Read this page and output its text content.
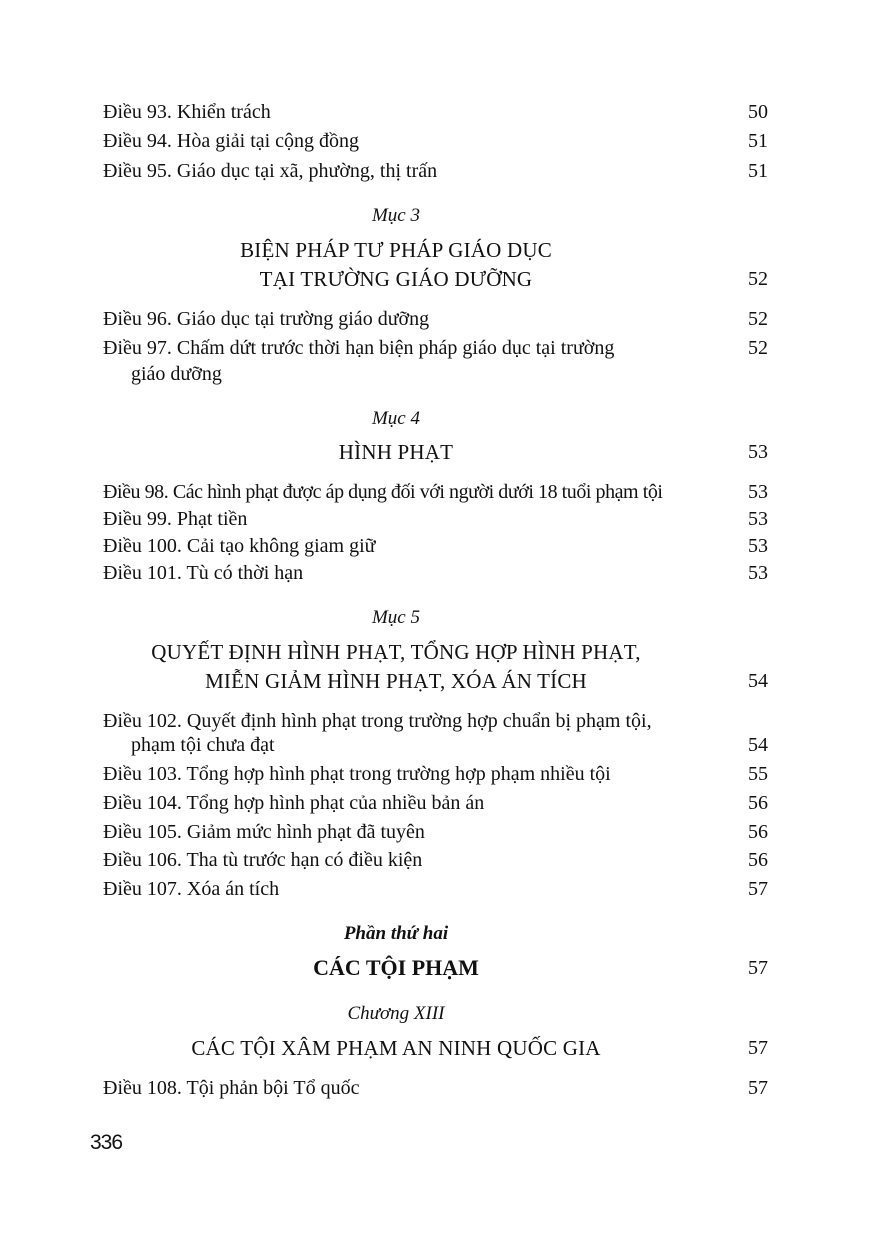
Điều 93. Khiển trách	50
Điều 94. Hòa giải tại cộng đồng	51
Điều 95. Giáo dục tại xã, phường, thị trấn	51
Mục 3
BIỆN PHÁP TƯ PHÁP GIÁO DỤC
TẠI TRƯỜNG GIÁO DƯỠNG	52
Điều 96. Giáo dục tại trường giáo dưỡng	52
Điều 97. Chấm dứt trước thời hạn biện pháp giáo dục tại trường	52
giáo dưỡng
Mục 4
HÌNH PHẠT	53
Điều 98. Các hình phạt được áp dụng đối với người dưới 18 tuổi phạm tội	53
Điều 99. Phạt tiền	53
Điều 100. Cải tạo không giam giữ	53
Điều 101. Tù có thời hạn	53
Mục 5
QUYẾT ĐỊNH HÌNH PHẠT, TỔNG HỢP HÌNH PHẠT,
MIỄN GIẢM HÌNH PHẠT, XÓA ÁN TÍCH	54
Điều 102. Quyết định hình phạt trong trường hợp chuẩn bị phạm tội,
phạm tội chưa đạt	54
Điều 103. Tổng hợp hình phạt trong trường hợp phạm nhiều tội	55
Điều 104. Tổng hợp hình phạt của nhiều bản án	56
Điều 105. Giảm mức hình phạt đã tuyên	56
Điều 106. Tha tù trước hạn có điều kiện	56
Điều 107. Xóa án tích	57
Phần thứ hai
CÁC TỘI PHẠM	57
Chương XIII
CÁC TỘI XÂM PHẠM AN NINH QUỐC GIA	57
Điều 108. Tội phản bội Tổ quốc	57
336
